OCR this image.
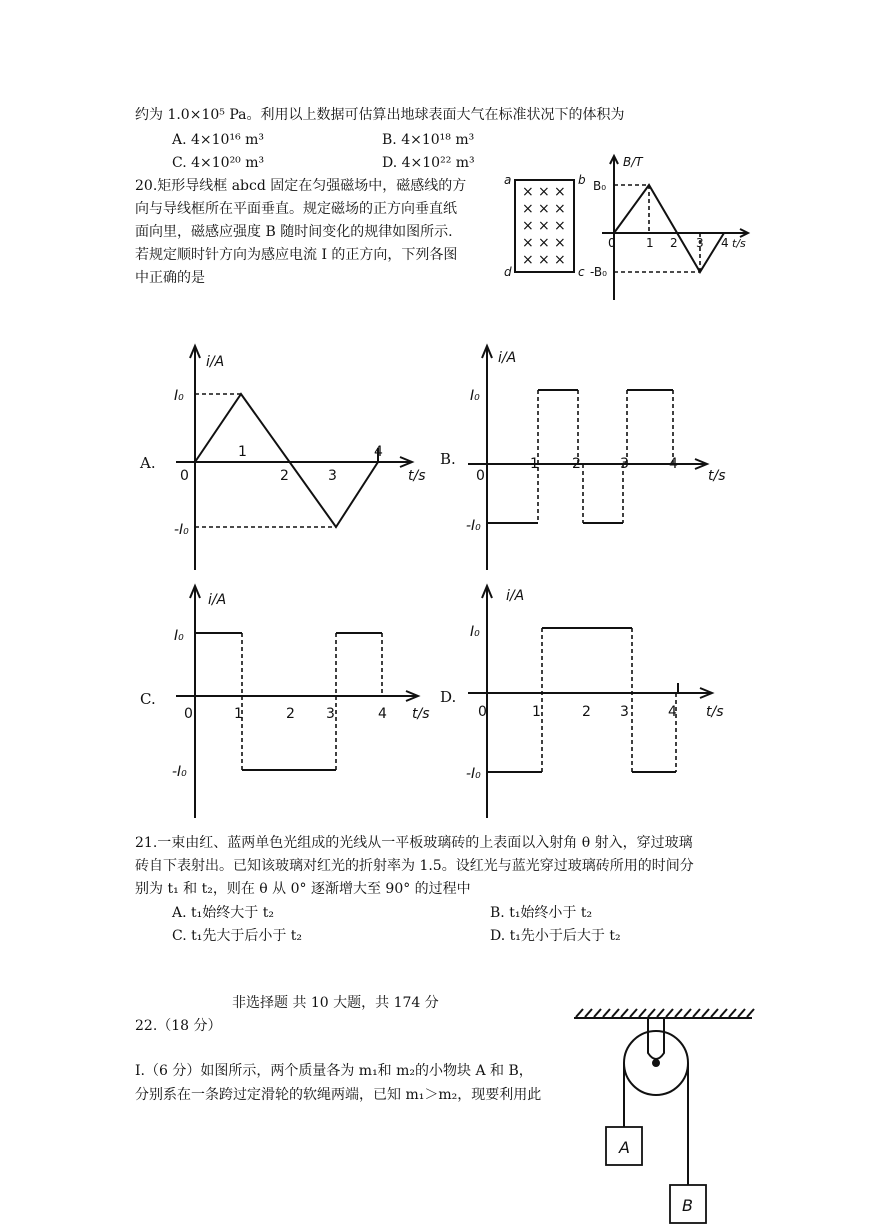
约为 1.0×10⁵ Pa。利用以上数据可估算出地球表面大气在标准状况下的体积为
A. 4×10¹⁶ m³	B. 4×10¹⁸ m³
C. 4×10²⁰ m³	D. 4×10²² m³
20.矩形导线框 abcd 固定在匀强磁场中，磁感线的方
向与导线框所在平面垂直。规定磁场的正方向垂直纸
面向里，磁感应强度 B 随时间变化的规律如图所示.
若规定顺时针方向为感应电流 I 的正方向，下列各图
中正确的是
a	b
c
d
× × ×
× × ×
× × ×
× × ×
× × ×
B/T
B₀
-B₀
0	t/s
1 2 3 4
A.
i/A
I₀
-I₀
0	t/s
1
2	3
4	B.
i/A
I₀
-I₀
0	t/s
1 2	3	4
C.
i/A
I₀
-I₀
0	t/s
1	2 3	4
D.
i/A
I₀
-I₀
0	t/s
1	2 3	4
21.一束由红、蓝两单色光组成的光线从一平板玻璃砖的上表面以入射角 θ 射入，穿过玻璃
砖自下表射出。已知该玻璃对红光的折射率为 1.5。设红光与蓝光穿过玻璃砖所用的时间分
别为 t₁ 和 t₂，则在 θ 从 0° 逐渐增大至 90° 的过程中
A. t₁始终大于 t₂	B. t₁始终小于 t₂
C. t₁先大于后小于 t₂	D. t₁先小于后大于 t₂
非选择题 共 10 大题，共 174 分
22.（18 分）
Ⅰ.（6 分）如图所示，两个质量各为 m₁和 m₂的小物块 A 和 B，
分别系在一条跨过定滑轮的软绳两端，已知 m₁＞m₂，现要利用此
A
B
